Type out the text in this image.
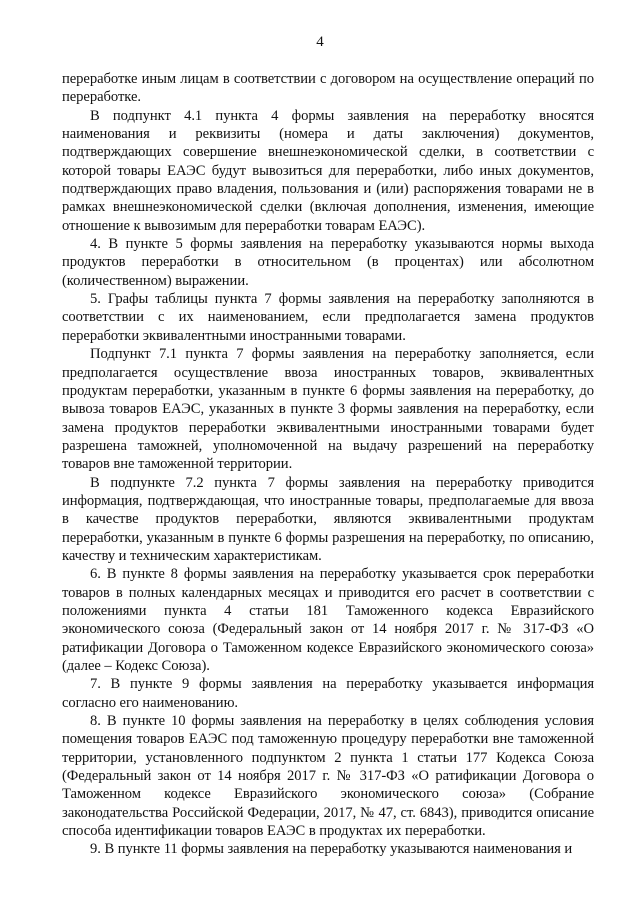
4

переработке иным лицам в соответствии с договором на осуществление операций по переработке.

В подпункт 4.1 пункта 4 формы заявления на переработку вносятся наименования и реквизиты (номера и даты заключения) документов, подтверждающих совершение внешнеэкономической сделки, в соответствии с которой товары ЕАЭС будут вывозиться для переработки, либо иных документов, подтверждающих право владения, пользования и (или) распоряжения товарами не в рамках внешнеэкономической сделки (включая дополнения, изменения, имеющие отношение к вывозимым для переработки товарам ЕАЭС).

4. В пункте 5 формы заявления на переработку указываются нормы выхода продуктов переработки в относительном (в процентах) или абсолютном (количественном) выражении.

5. Графы таблицы пункта 7 формы заявления на переработку заполняются в соответствии с их наименованием, если предполагается замена продуктов переработки эквивалентными иностранными товарами.

Подпункт 7.1 пункта 7 формы заявления на переработку заполняется, если предполагается осуществление ввоза иностранных товаров, эквивалентных продуктам переработки, указанным в пункте 6 формы заявления на переработку, до вывоза товаров ЕАЭС, указанных в пункте 3 формы заявления на переработку, если замена продуктов переработки эквивалентными иностранными товарами будет разрешена таможней, уполномоченной на выдачу разрешений на переработку товаров вне таможенной территории.

В подпункте 7.2 пункта 7 формы заявления на переработку приводится информация, подтверждающая, что иностранные товары, предполагаемые для ввоза в качестве продуктов переработки, являются эквивалентными продуктам переработки, указанным в пункте 6 формы разрешения на переработку, по описанию, качеству и техническим характеристикам.

6. В пункте 8 формы заявления на переработку указывается срок переработки товаров в полных календарных месяцах и приводится его расчет в соответствии с положениями пункта 4 статьи 181 Таможенного кодекса Евразийского экономического союза (Федеральный закон от 14 ноября 2017 г. № 317-ФЗ «О ратификации Договора о Таможенном кодексе Евразийского экономического союза» (далее – Кодекс Союза).

7. В пункте 9 формы заявления на переработку указывается информация согласно его наименованию.

8. В пункте 10 формы заявления на переработку в целях соблюдения условия помещения товаров ЕАЭС под таможенную процедуру переработки вне таможенной территории, установленного подпунктом 2 пункта 1 статьи 177 Кодекса Союза (Федеральный закон от 14 ноября 2017 г. № 317-ФЗ «О ратификации Договора о Таможенном кодексе Евразийского экономического союза» (Собрание законодательства Российской Федерации, 2017, № 47, ст. 6843), приводится описание способа идентификации товаров ЕАЭС в продуктах их переработки.

9. В пункте 11 формы заявления на переработку указываются наименования и
